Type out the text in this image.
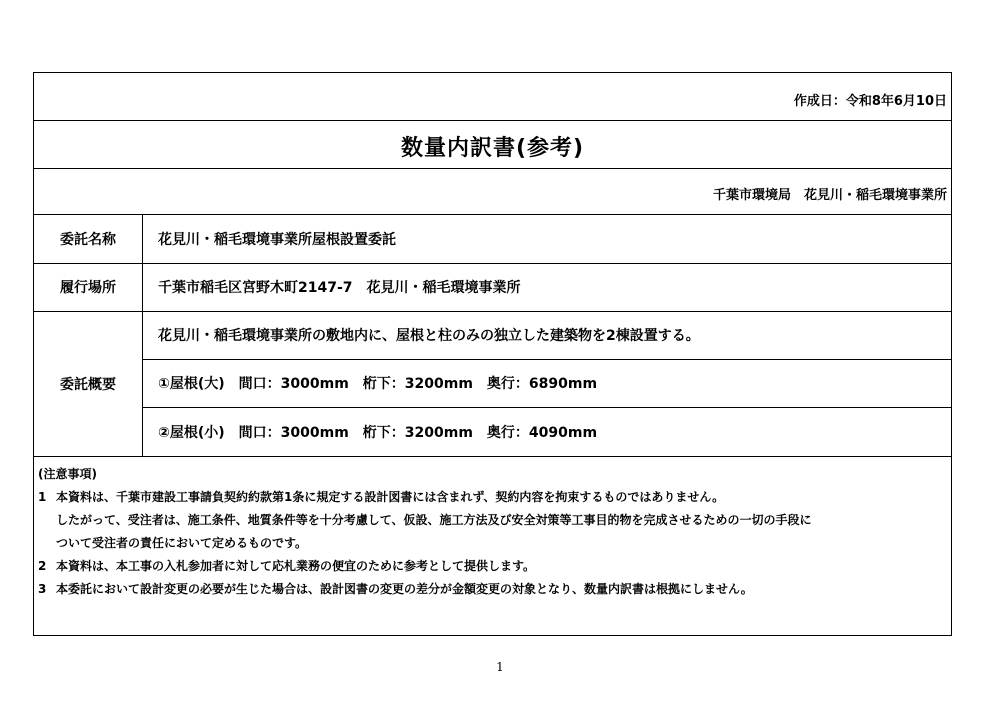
作成日：令和8年6月10日
数量内訳書(参考)
千葉市環境局　花見川・稲毛環境事業所
委託名称	花見川・稲毛環境事業所屋根設置委託
履行場所	千葉市稲毛区宮野木町2147-7　花見川・稲毛環境事業所
委託概要
花見川・稲毛環境事業所の敷地内に、屋根と柱のみの独立した建築物を2棟設置する。
①屋根(大)　間口：3000mm　桁下：3200mm　奥行：6890mm
②屋根(小)　間口：3000mm　桁下：3200mm　奥行：4090mm
(注意事項)
1 本資料は、千葉市建設工事請負契約約款第1条に規定する設計図書には含まれず、契約内容を拘束するものではありません。
したがって、受注者は、施工条件、地質条件等を十分考慮して、仮設、施工方法及び安全対策等工事目的物を完成させるための一切の手段に
ついて受注者の責任において定めるものです。
2 本資料は、本工事の入札参加者に対して応札業務の便宜のために参考として提供します。
3 本委託において設計変更の必要が生じた場合は、設計図書の変更の差分が金額変更の対象となり、数量内訳書は根拠にしません。
1
